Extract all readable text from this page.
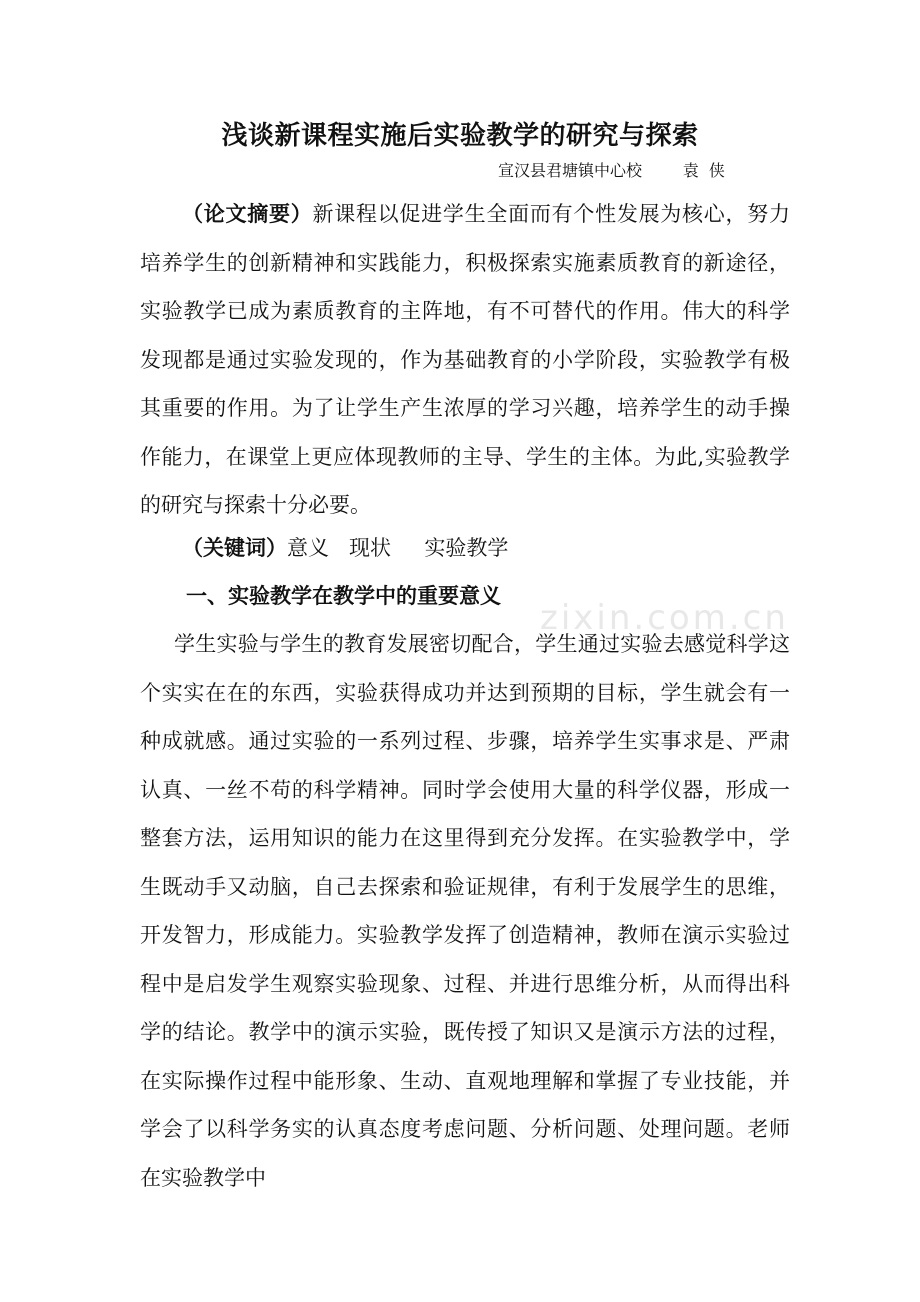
浅谈新课程实施后实验教学的研究与探索
宣汉县君塘镇中心校        袁  侠

（论文摘要）新课程以促进学生全面而有个性发展为核心，努力培养学生的创新精神和实践能力，积极探索实施素质教育的新途径，实验教学已成为素质教育的主阵地，有不可替代的作用。伟大的科学发现都是通过实验发现的，作为基础教育的小学阶段，实验教学有极其重要的作用。为了让学生产生浓厚的学习兴趣，培养学生的动手操作能力，在课堂上更应体现教师的主导、学生的主体。为此,实验教学的研究与探索十分必要。

（关键词）意义   现状     实验教学
一、实验教学在教学中的重要意义

学生实验与学生的教育发展密切配合，学生通过实验去感觉科学这个实实在在的东西，实验获得成功并达到预期的目标，学生就会有一种成就感。通过实验的一系列过程、步骤，培养学生实事求是、严肃认真、一丝不苟的科学精神。同时学会使用大量的科学仪器，形成一整套方法，运用知识的能力在这里得到充分发挥。在实验教学中，学生既动手又动脑，自己去探索和验证规律，有利于发展学生的思维，开发智力，形成能力。实验教学发挥了创造精神，教师在演示实验过程中是启发学生观察实验现象、过程、并进行思维分析，从而得出科学的结论。教学中的演示实验，既传授了知识又是演示方法的过程，在实际操作过程中能形象、生动、直观地理解和掌握了专业技能，并学会了以科学务实的认真态度考虑问题、分析问题、处理问题。老师在实验教学中

zixin.com.cn
